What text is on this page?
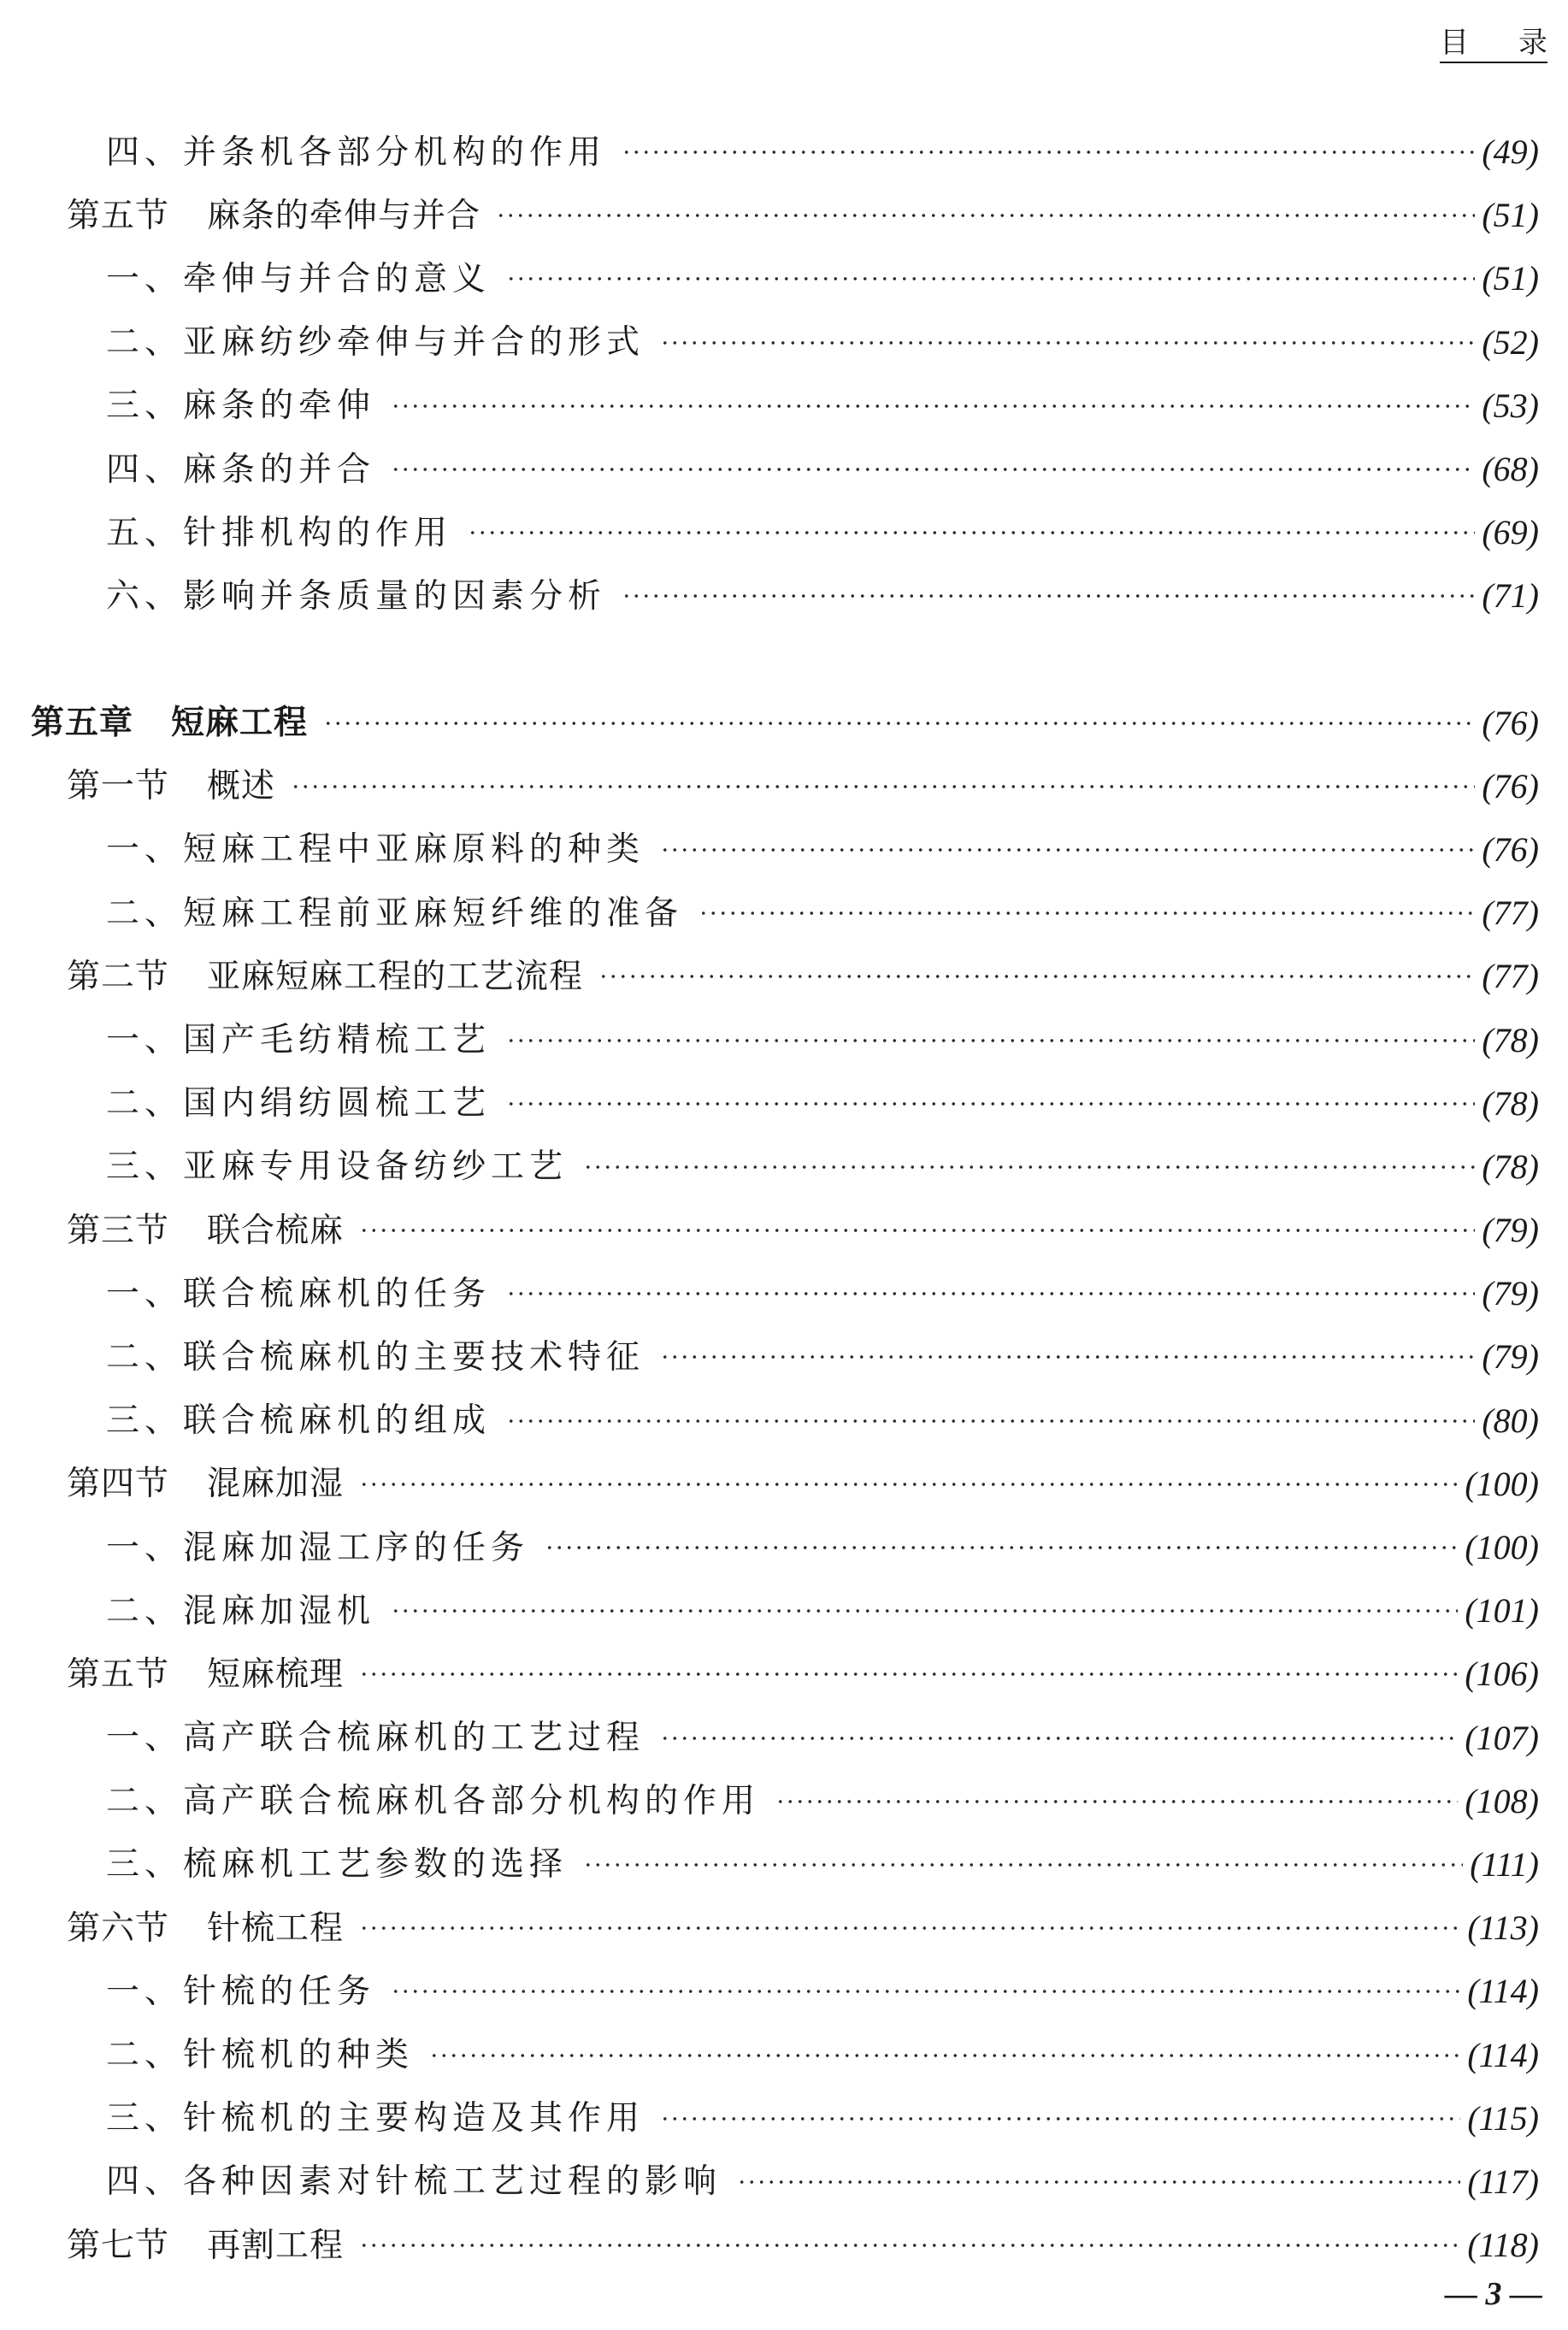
目 录
四、并条机各部分机构的作用	(49)
第五节 麻条的牵伸与并合	(51)
一、牵伸与并合的意义	(51)
二、亚麻纺纱牵伸与并合的形式	(52)
三、麻条的牵伸	(53)
四、麻条的并合	(68)
五、针排机构的作用	(69)
六、影响并条质量的因素分析	(71)
第五章 短麻工程	(76)
第一节 概述	(76)
一、短麻工程中亚麻原料的种类	(76)
二、短麻工程前亚麻短纤维的准备	(77)
第二节 亚麻短麻工程的工艺流程	(77)
一、国产毛纺精梳工艺	(78)
二、国内绢纺圆梳工艺	(78)
三、亚麻专用设备纺纱工艺	(78)
第三节 联合梳麻	(79)
一、联合梳麻机的任务	(79)
二、联合梳麻机的主要技术特征	(79)
三、联合梳麻机的组成	(80)
第四节 混麻加湿	(100)
一、混麻加湿工序的任务	(100)
二、混麻加湿机	(101)
第五节 短麻梳理	(106)
一、高产联合梳麻机的工艺过程	(107)
二、高产联合梳麻机各部分机构的作用	(108)
三、梳麻机工艺参数的选择	(111)
第六节 针梳工程	(113)
一、针梳的任务	(114)
二、针梳机的种类	(114)
三、针梳机的主要构造及其作用	(115)
四、各种因素对针梳工艺过程的影响	(117)
第七节 再割工程	(118)
— 3 —
